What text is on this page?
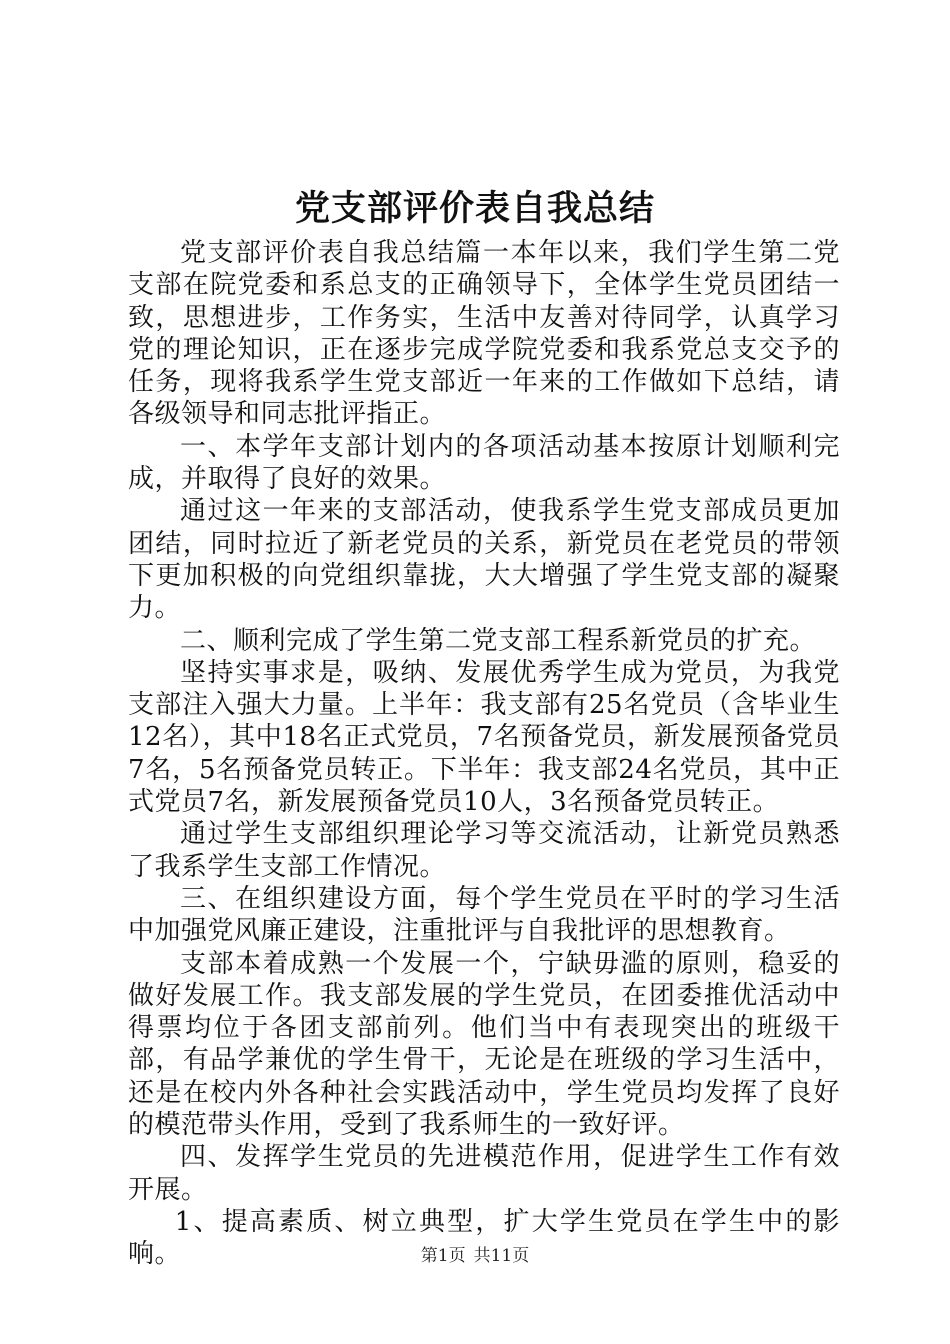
党支部评价表自我总结

党支部评价表自我总结篇一本年以来，我们学生第二党支部在院党委和系总支的正确领导下，全体学生党员团结一致，思想进步，工作务实，生活中友善对待同学，认真学习党的理论知识，正在逐步完成学院党委和我系党总支交予的任务，现将我系学生党支部近一年来的工作做如下总结，请各级领导和同志批评指正。

一、本学年支部计划内的各项活动基本按原计划顺利完成，并取得了良好的效果。

通过这一年来的支部活动，使我系学生党支部成员更加团结，同时拉近了新老党员的关系，新党员在老党员的带领下更加积极的向党组织靠拢，大大增强了学生党支部的凝聚力。

二、顺利完成了学生第二党支部工程系新党员的扩充。

坚持实事求是，吸纳、发展优秀学生成为党员，为我党支部注入强大力量。上半年：我支部有25名党员（含毕业生12名），其中18名正式党员，7名预备党员，新发展预备党员7名，5名预备党员转正。下半年：我支部24名党员，其中正式党员7名，新发展预备党员10人，3名预备党员转正。

通过学生支部组织理论学习等交流活动，让新党员熟悉了我系学生支部工作情况。

三、在组织建设方面，每个学生党员在平时的学习生活中加强党风廉正建设，注重批评与自我批评的思想教育。

支部本着成熟一个发展一个，宁缺毋滥的原则，稳妥的做好发展工作。我支部发展的学生党员，在团委推优活动中得票均位于各团支部前列。他们当中有表现突出的班级干部，有品学兼优的学生骨干，无论是在班级的学习生活中，还是在校内外各种社会实践活动中，学生党员均发挥了良好的模范带头作用，受到了我系师生的一致好评。

四、发挥学生党员的先进模范作用，促进学生工作有效开展。

1、提高素质、树立典型，扩大学生党员在学生中的影响。	第1页 共11页
